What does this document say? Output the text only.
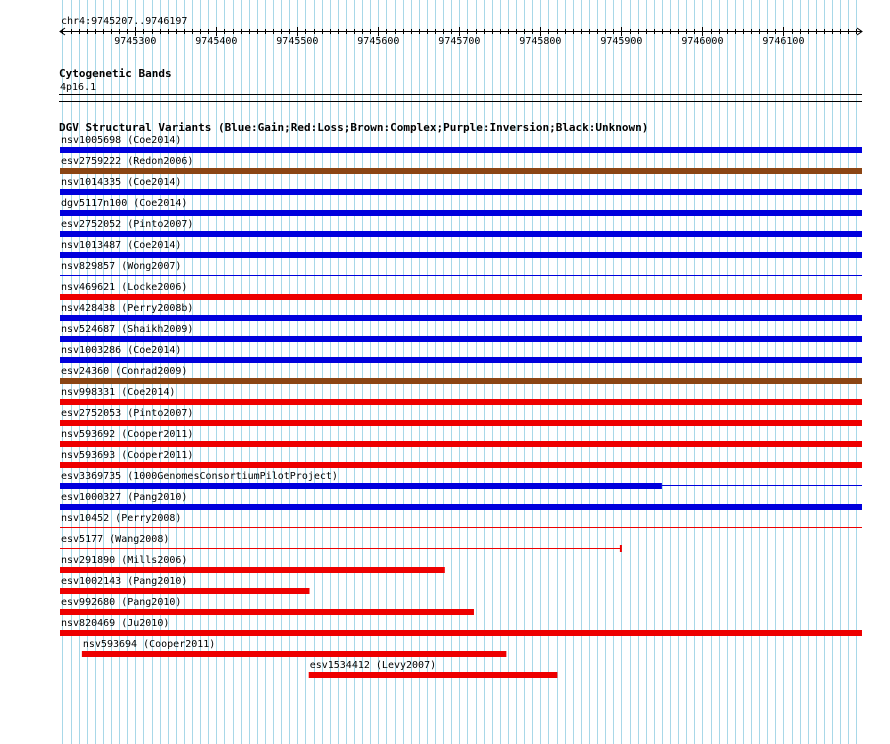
chr4:9745207..9746197
9745300	9745400	9745500	9745600	9745700	9745800	9745900	9746000	9746100
Cytogenetic Bands
4p16.1
DGV Structural Variants (Blue:Gain;Red:Loss;Brown:Complex;Purple:Inversion;Black:Unknown)
nsv1005698 (Coe2014)
esv2759222 (Redon2006)
nsv1014335 (Coe2014)
dgv5117n100 (Coe2014)
esv2752052 (Pinto2007)
nsv1013487 (Coe2014)
nsv829857 (Wong2007)
nsv469621 (Locke2006)
nsv428438 (Perry2008b)
nsv524687 (Shaikh2009)
nsv1003286 (Coe2014)
esv24360 (Conrad2009)
nsv998331 (Coe2014)
esv2752053 (Pinto2007)
nsv593692 (Cooper2011)
nsv593693 (Cooper2011)
esv3369735 (1000GenomesConsortiumPilotProject)
esv1000327 (Pang2010)
nsv10452 (Perry2008)
esv5177 (Wang2008)
nsv291890 (Mills2006)
esv1002143 (Pang2010)
esv992680 (Pang2010)
nsv820469 (Ju2010)
nsv593694 (Cooper2011)
esv1534412 (Levy2007)
